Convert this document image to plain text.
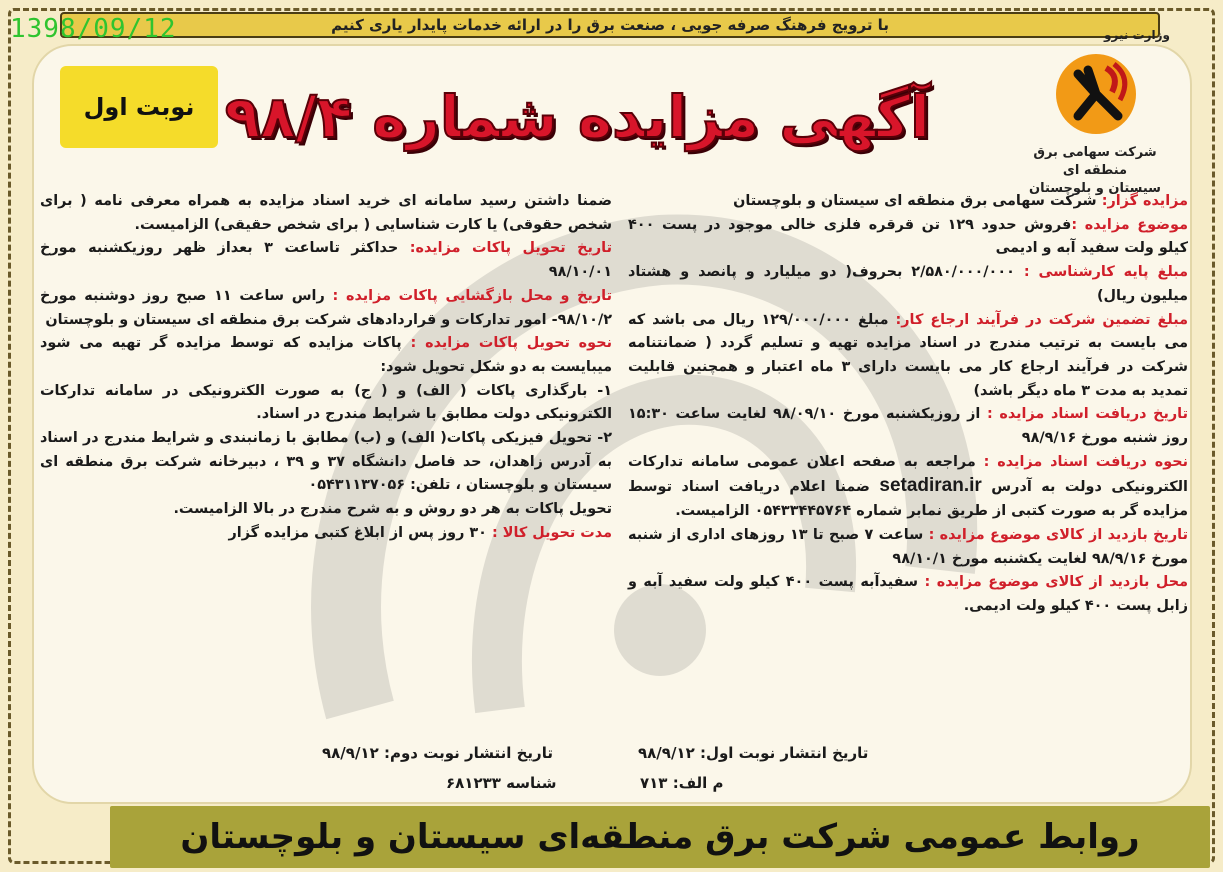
با ترویج فرهنگ صرفه جویی ، صنعت برق را در ارائه خدمات پایدار یاری کنیم
1398/09/12
نوبت اول آگهی مزایده شماره ۹۸/۴
وزارت نیرو
شرکت سهامی برق منطقه ای
سیستان و بلوچستان

مزایده گزار: شرکت سهامی برق منطقه ای سیستان و بلوچستان

موضوع مزایده :فروش حدود ۱۲۹ تن قرقره فلزی خالی موجود در پست ۴۰۰ کیلو ولت سفید آبه و ادیمی

مبلغ پایه کارشناسی : ۲/۵۸۰/۰۰۰/۰۰۰ بحروف( دو میلیارد و پانصد و هشتاد میلیون ریال)

مبلغ تضمین شرکت در فرآیند ارجاع کار: مبلغ ۱۲۹/۰۰۰/۰۰۰ ریال می باشد که می بایست به ترتیب مندرج در اسناد مزایده تهیه و تسلیم گردد ( ضمانتنامه شرکت در فرآیند ارجاع کار می بایست دارای ۳ ماه اعتبار و همچنین قابلیت تمدید به مدت ۳ ماه دیگر باشد)

تاریخ دریافت اسناد مزایده : از روزیکشنبه مورخ ۹۸/۰۹/۱۰ لغایت ساعت ۱۵:۳۰ روز شنبه مورخ ۹۸/۹/۱۶

نحوه دریافت اسناد مزایده : مراجعه به صفحه اعلان عمومی سامانه تدارکات الکترونیکی دولت به آدرس setadiran.ir ضمنا اعلام دریافت اسناد توسط مزایده گر به صورت کتبی از طریق نمابر شماره ۰۵۴۳۳۴۴۵۷۶۴ الزامیست.

تاریخ بازدید از کالای موضوع مزایده : ساعت ۷ صبح تا ۱۳ روزهای اداری از شنبه مورخ ۹۸/۹/۱۶ لغایت یکشنبه مورخ ۹۸/۱۰/۱

محل بازدید از کالای موضوع مزایده : سفیدآبه پست ۴۰۰ کیلو ولت سفید آبه و زابل پست ۴۰۰ کیلو ولت ادیمی.

ضمنا داشتن رسید سامانه ای خرید اسناد مزایده به همراه معرفی نامه ( برای شخص حقوقی) یا کارت شناسایی ( برای شخص حقیقی) الزامیست.

تاریخ تحویل پاکات مزایده: حداکثر تاساعت ۳ بعداز ظهر روزیکشنبه مورخ ۹۸/۱۰/۰۱

تاریخ و محل بازگشایی پاکات مزایده : راس ساعت ۱۱ صبح روز دوشنبه مورخ ۹۸/۱۰/۲- امور تدارکات و قراردادهای شرکت برق منطقه ای سیستان و بلوچستان

نحوه تحویل پاکات مزایده : پاکات مزایده که توسط مزایده گر تهیه می شود میبایست به دو شکل تحویل شود:

۱- بارگذاری پاکات ( الف) و ( ج) به صورت الکترونیکی در سامانه تدارکات الکترونیکی دولت مطابق با شرایط مندرج در اسناد.

۲- تحویل فیزیکی پاکات( الف) و (ب) مطابق با زمانبندی و شرایط مندرج در اسناد به آدرس زاهدان، حد فاصل دانشگاه ۳۷ و ۳۹ ، دبیرخانه شرکت برق منطقه ای سیستان و بلوچستان ، تلفن: ۰۵۴۳۱۱۳۷۰۵۶

تحویل پاکات به هر دو روش و به شرح مندرج در بالا الزامیست.

مدت تحویل کالا : ۳۰ روز پس از ابلاغ کتبی مزایده گزار

تاریخ انتشار نوبت اول: ۹۸/۹/۱۲
م الف: ۷۱۳
تاریخ انتشار نوبت دوم: ۹۸/۹/۱۲
شناسه ۶۸۱۲۳۳
روابط عمومی شرکت برق منطقه‌ای سیستان و بلوچستان
